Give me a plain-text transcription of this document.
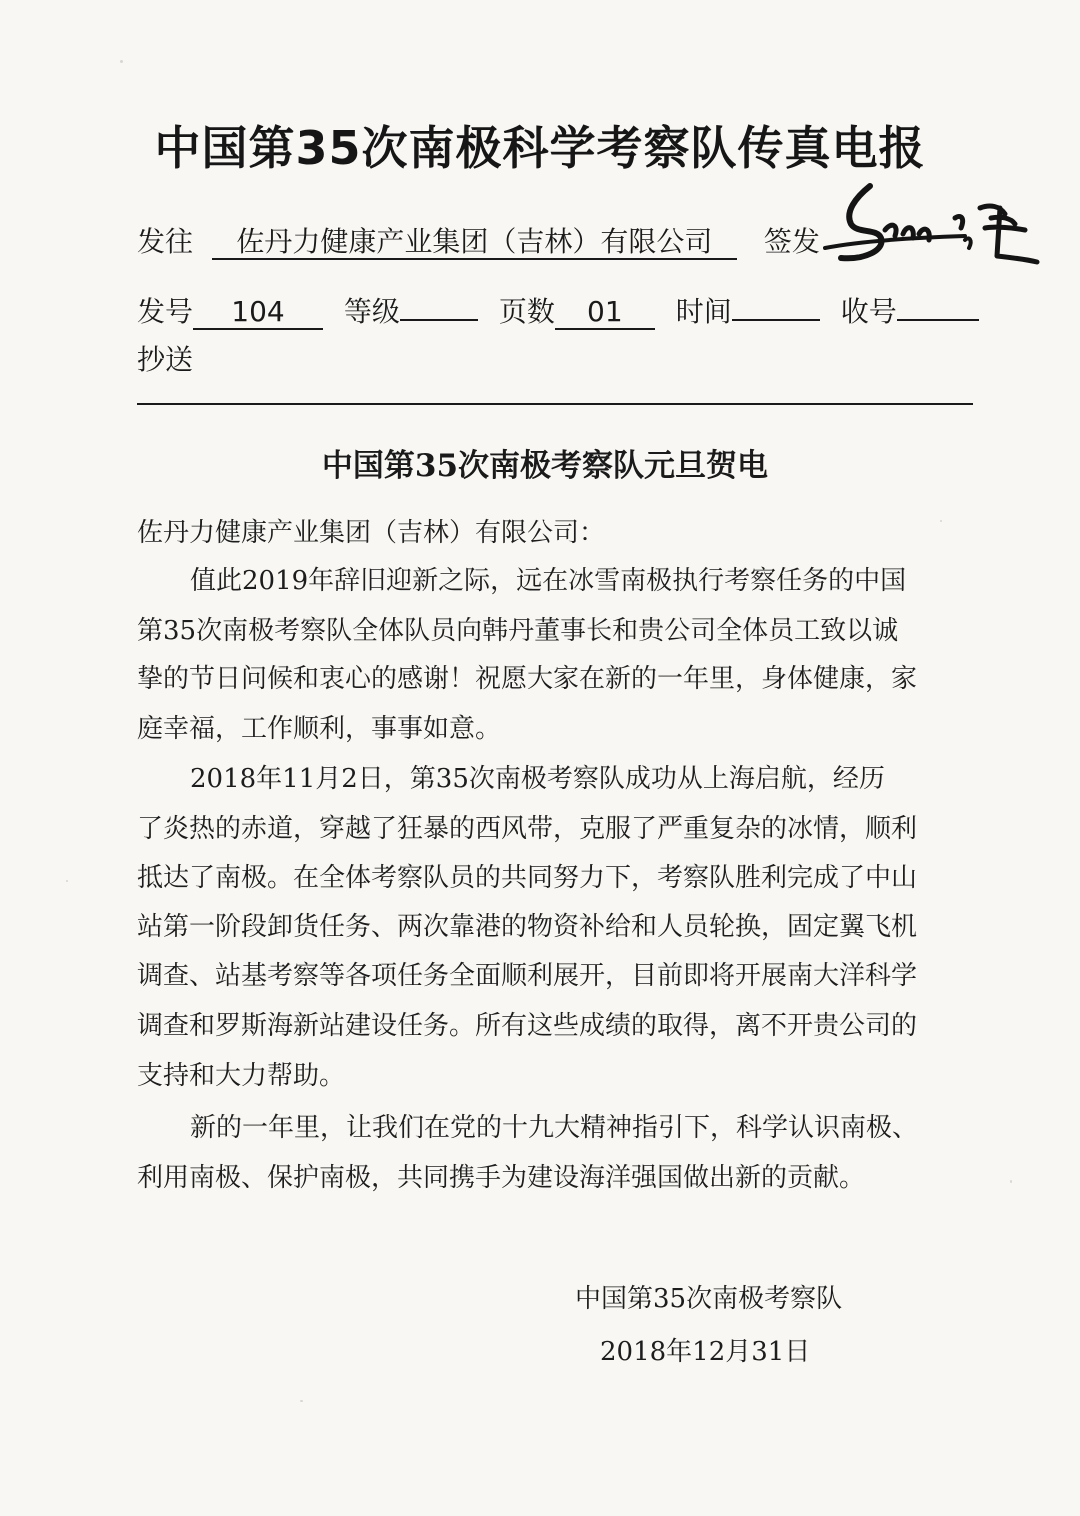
中国第35次南极科学考察队传真电报
发往 佐丹力健康产业集团（吉林）有限公司 签发
发号 104 等级	页数 01 时间	收号
抄送
中国第35次南极考察队元旦贺电
佐丹力健康产业集团（吉林）有限公司：
值此2019年辞旧迎新之际，远在冰雪南极执行考察任务的中国
第35次南极考察队全体队员向韩丹董事长和贵公司全体员工致以诚
挚的节日问候和衷心的感谢！祝愿大家在新的一年里，身体健康，家
庭幸福，工作顺利，事事如意。
2018年11月2日，第35次南极考察队成功从上海启航，经历
了炎热的赤道，穿越了狂暴的西风带，克服了严重复杂的冰情，顺利
抵达了南极。在全体考察队员的共同努力下，考察队胜利完成了中山
站第一阶段卸货任务、两次靠港的物资补给和人员轮换，固定翼飞机
调查、站基考察等各项任务全面顺利展开，目前即将开展南大洋科学
调查和罗斯海新站建设任务。所有这些成绩的取得，离不开贵公司的
支持和大力帮助。
新的一年里，让我们在党的十九大精神指引下，科学认识南极、
利用南极、保护南极，共同携手为建设海洋强国做出新的贡献。
中国第35次南极考察队
2018年12月31日
